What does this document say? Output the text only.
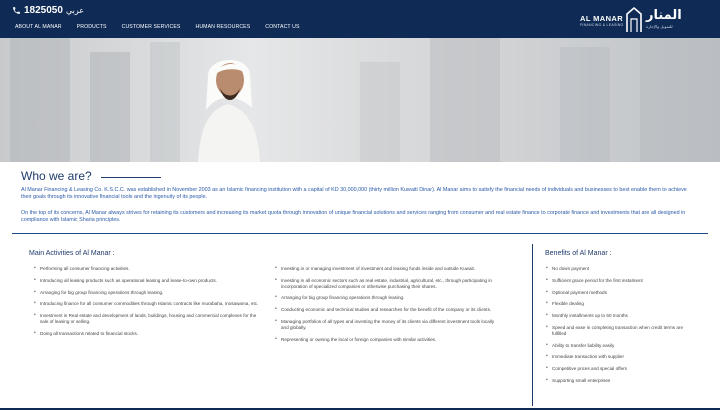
1825050 عربي
ABOUT AL MANAR	PRODUCTS	CUSTOMER SERVICES	HUMAN RESOURCES	CONTACT US
AL MANAR
FINANCING & LEASING
المنار
للتمويل والإجارة
Who we are?
Al Manar Financing & Leasing Co. K.S.C.C. was established in November 2003 as an Islamic financing institution with a capital of KD 30,000,000 (thirty million Kuwaiti Dinar). Al Manar aims to satisfy the financial needs of individuals and businesses to best enable them to achieve their goals through its innovative financial tools and the ingenuity of its people.
On the top of its concerns, Al Manar always strives for retaining its customers and increasing its market quota through innovation of unique financial solutions and services ranging from consumer and real estate finance to corporate finance and investments that are all designed in compliance with Islamic Sharia principles.
Main Activities of Al Manar :
• Performing all consumer financing activities.
• Introducing all leasing products such as operational leasing and lease-to-own products.
• Arranging for big group financing operations through leasing.
• Introducing finance for all consumer commodities through Islamic contracts like murabaha, mosawama, etc.
• Investment in Real estate and development of lands, buildings, housing and commercial complexes for the sale of leasing or selling.
• Doing all transactions related to financial stocks.
• Investing in or managing investment of investment and leasing funds inside and outside Kuwait.
• Investing in all economic sectors such as real estate, industrial, agricultural, etc., through participating in incorporation of specialized companies or otherwise purchasing their shares.
• Arranging for big group financing operations through leasing.
• Conducting economic and technical studies and researches for the benefit of the company or its clients.
• Managing portfolios of all types and investing the money of its clients via different investment tools locally and globally.
• Representing or owning the local or foreign companies with similar activities.
Benefits of Al Manar :
• No down payment
• Sufficient grace period for the first instalment
• Optional payment methods
• Flexible dealing
• Monthly installments up to 60 months
• Speed and ease in completing transaction when credit terms are fulfilled
• Ability to transfer liability easily
• Immediate transaction with supplier
• Competitive prices and special offers
• Supporting small enterprises
